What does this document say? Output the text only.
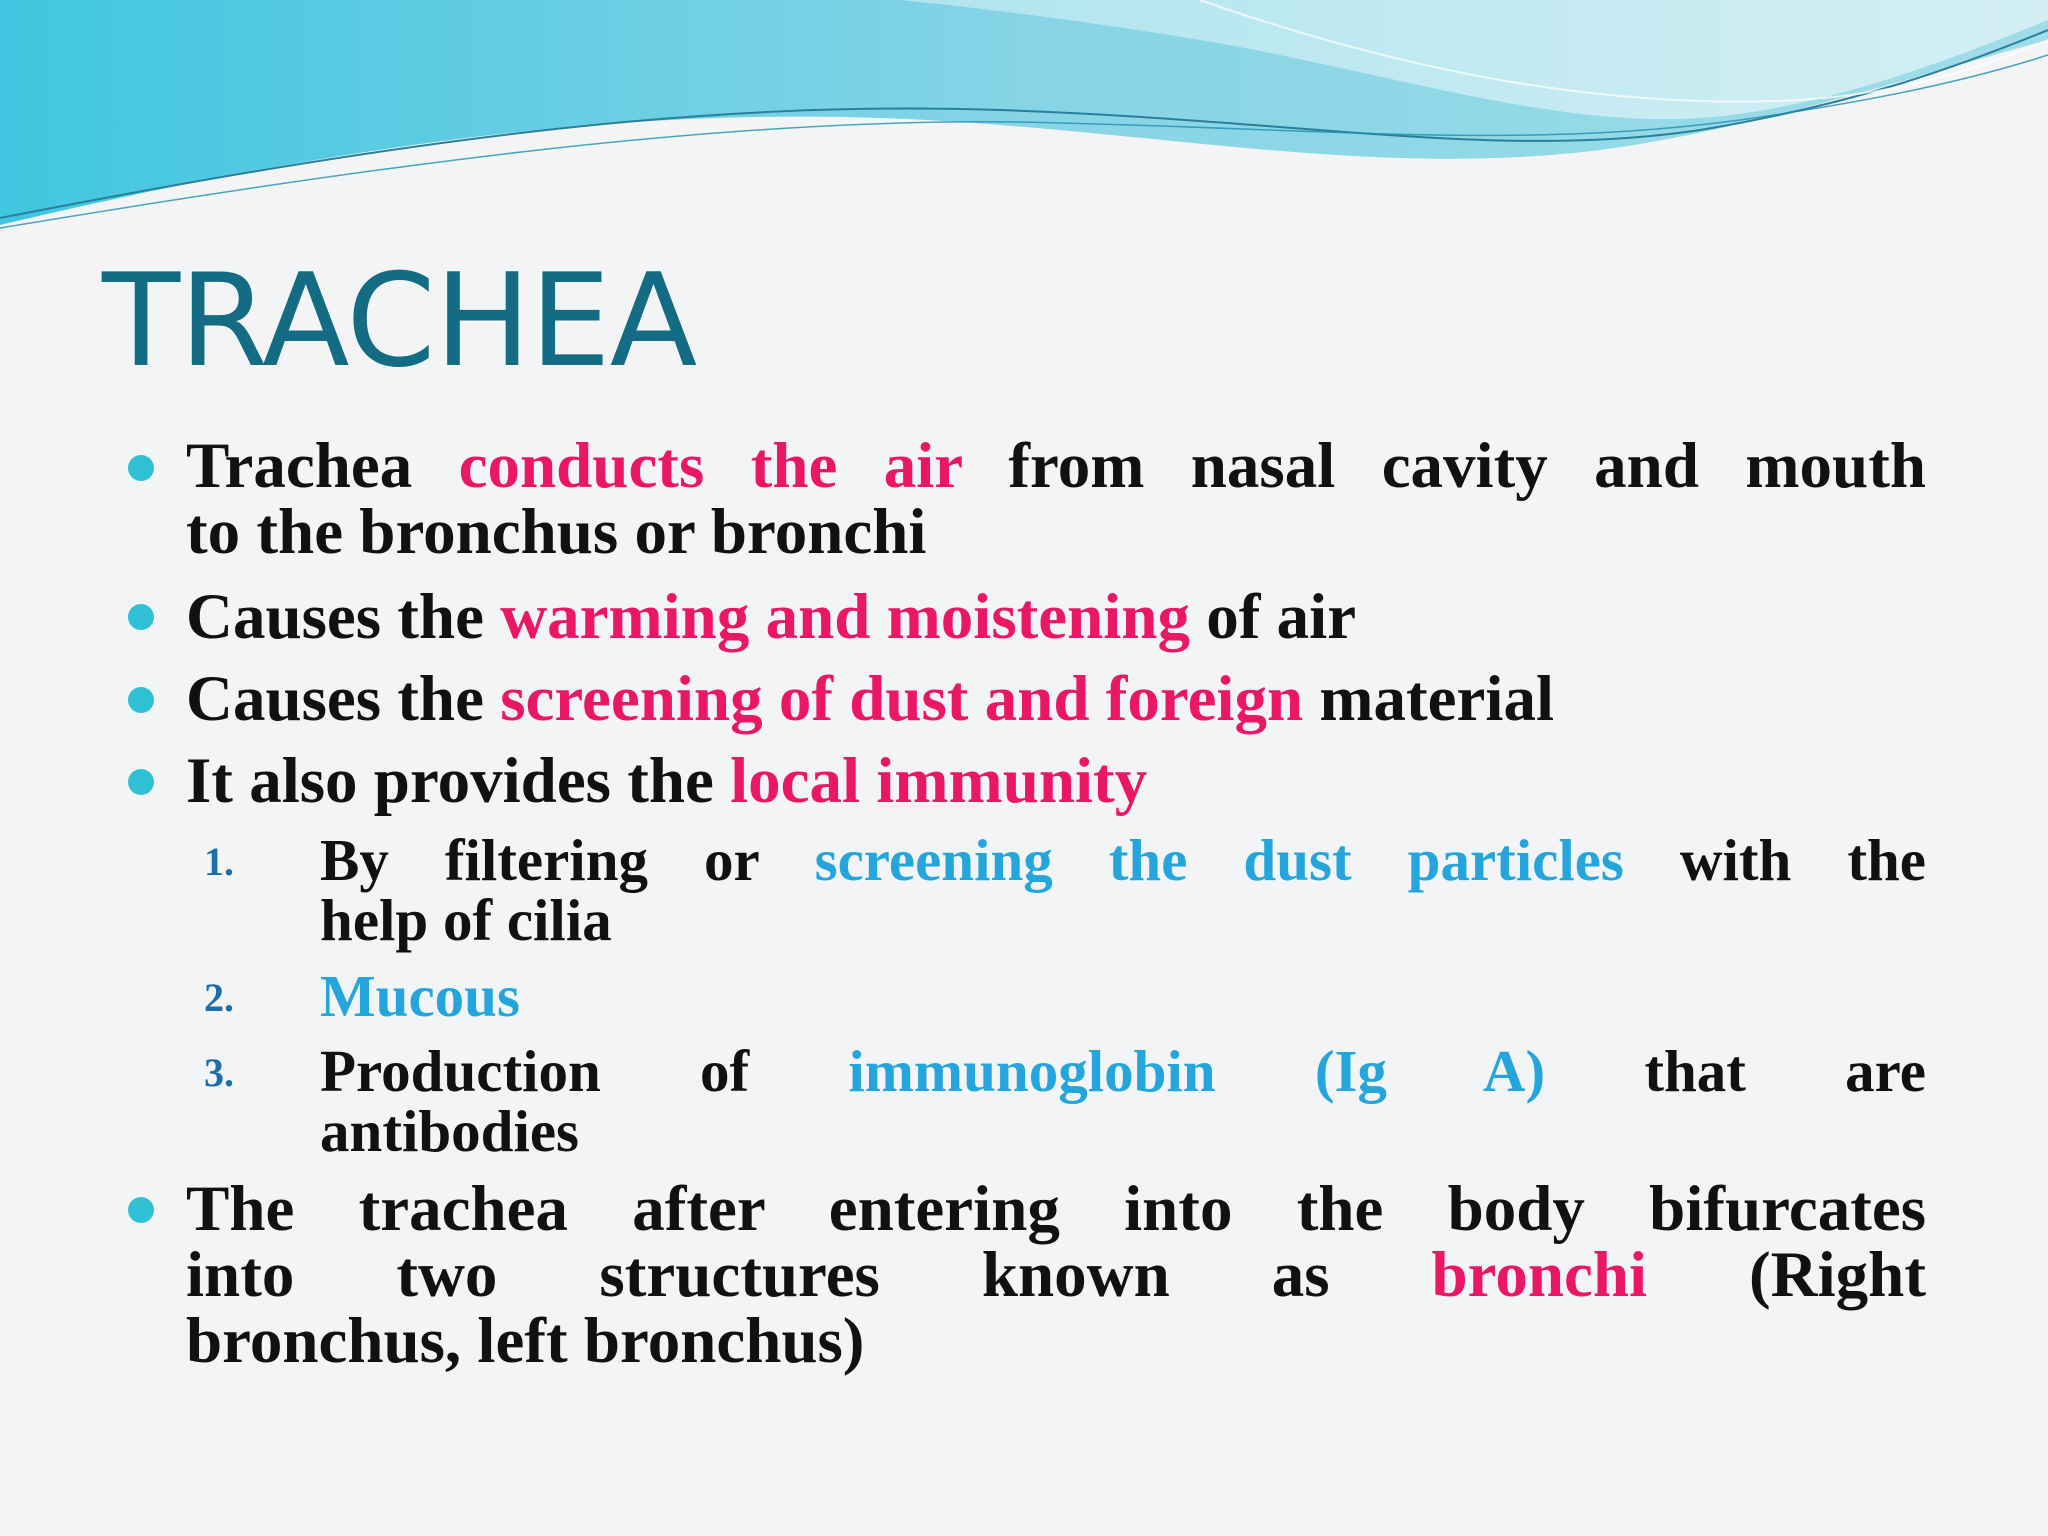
TRACHEA
Trachea conducts the air from nasal cavity and mouth
to the bronchus or bronchi
Causes the warming and moistening of air
Causes the screening of dust and foreign material
It also provides the local immunity
1. By filtering or screening the dust particles with the
help of cilia
2. Mucous
3. Production of immunoglobin (Ig A) that are
antibodies
The trachea after entering into the body bifurcates
into two structures known as bronchi (Right
bronchus, left bronchus)
